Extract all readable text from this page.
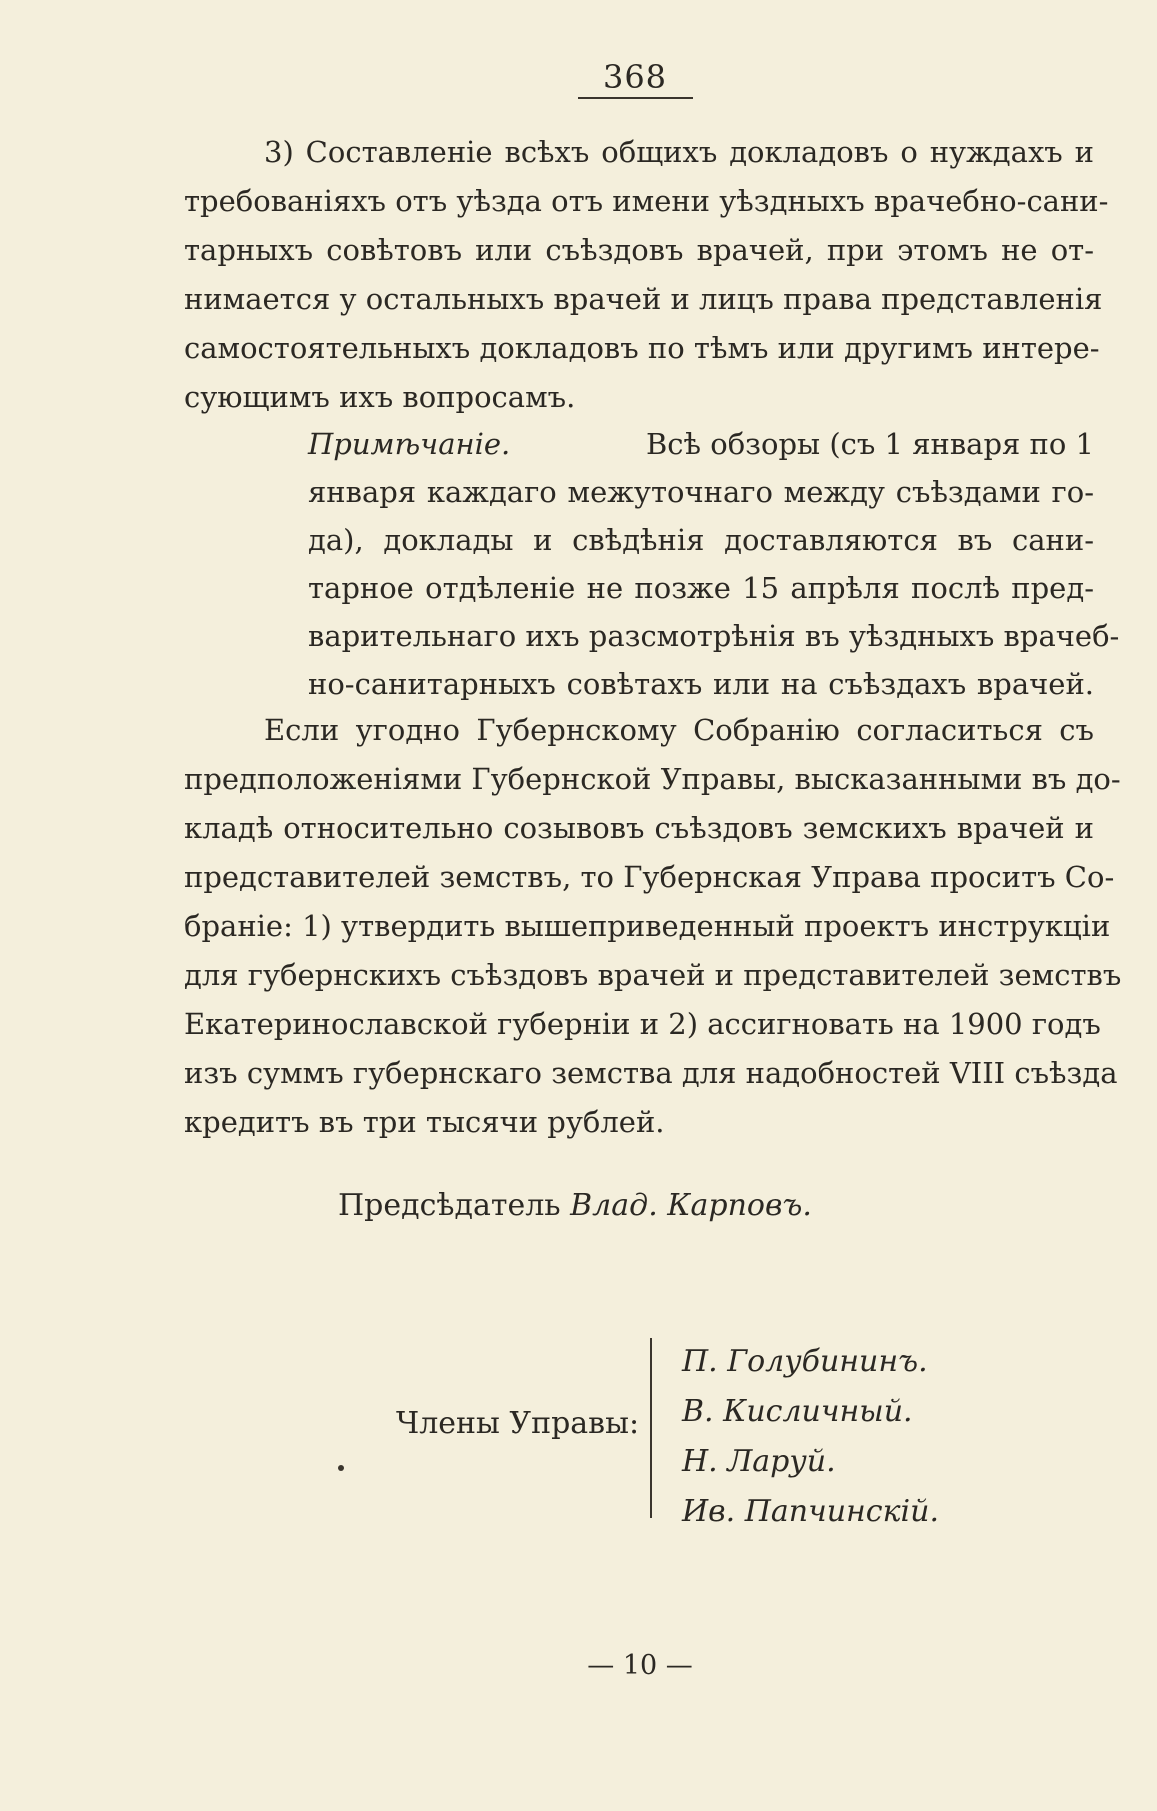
368
3) Составленіе всѣхъ общихъ докладовъ о нуждахъ и
требованіяхъ отъ уѣзда отъ имени уѣздныхъ врачебно-сани-
тарныхъ совѣтовъ или съѣздовъ врачей, при этомъ не от-
нимается у остальныхъ врачей и лицъ права представленія
самостоятельныхъ докладовъ по тѣмъ или другимъ интере-
сующимъ ихъ вопросамъ.
Примѣчаніе.	Всѣ обзоры (съ 1 января по 1
января каждаго межуточнаго между съѣздами го-
да), доклады и свѣдѣнія доставляются въ сани-
тарное отдѣленіе не позже 15 апрѣля послѣ пред-
варительнаго ихъ разсмотрѣнія въ уѣздныхъ врачеб-
но-санитарныхъ совѣтахъ или на съѣздахъ врачей.
Если угодно Губернскому Собранію согласиться съ
предположеніями Губернской Управы, высказанными въ до-
кладѣ относительно созывовъ съѣздовъ земскихъ врачей и
представителей земствъ, то Губернская Управа проситъ Со-
браніе: 1) утвердить вышеприведенный проектъ инструкціи
для губернскихъ съѣздовъ врачей и представителей земствъ
Екатеринославской губерніи и 2) ассигновать на 1900 годъ
изъ суммъ губернскаго земства для надобностей VIII съѣзда
кредитъ въ три тысячи рублей.
Предсѣдатель Влад. Карповъ.
Члены Управы:
П. Голубининъ.
В. Кисличный.
Н. Ларуй.
Ив. Папчинскій.
— 10 —
